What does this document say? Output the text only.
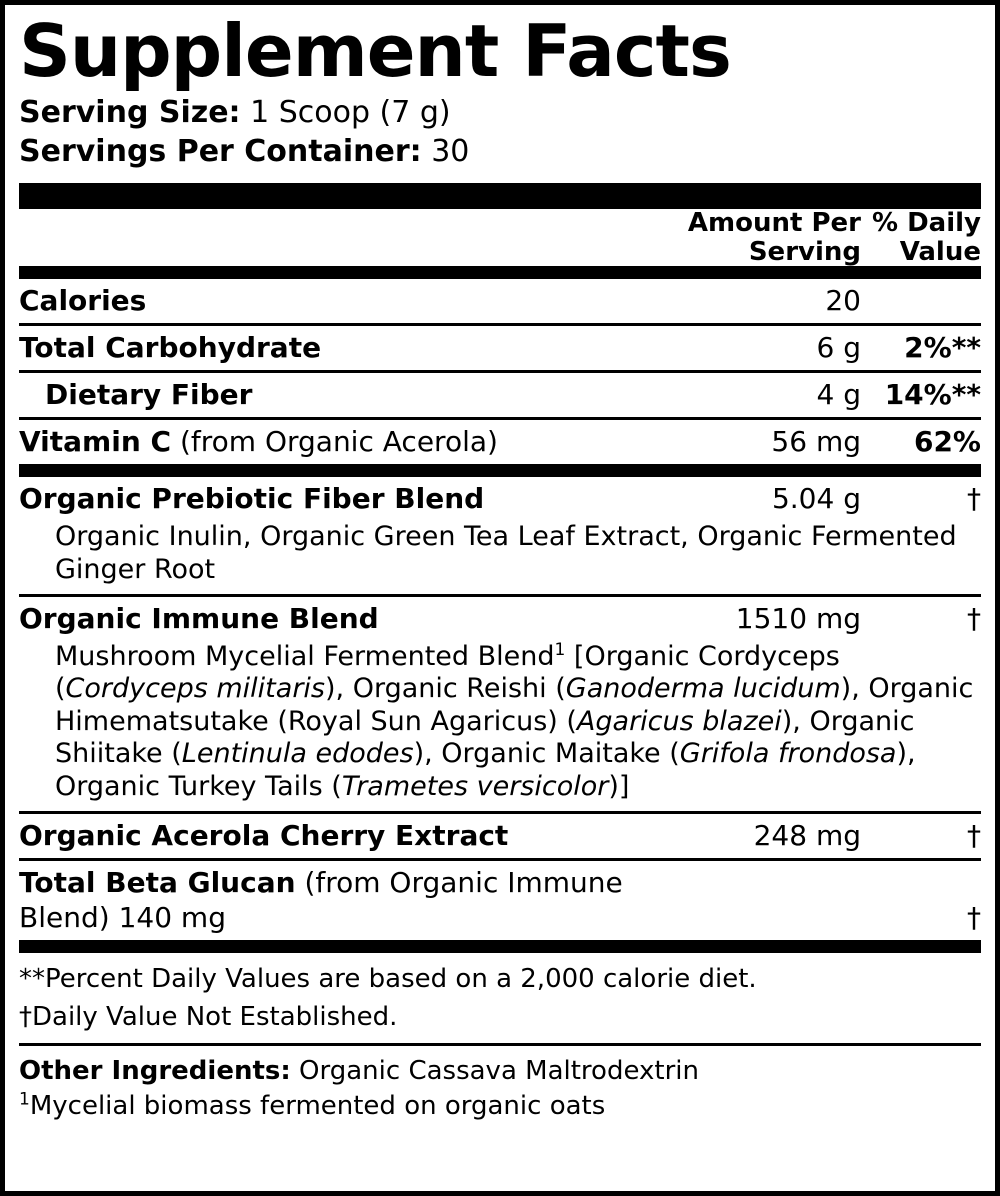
Supplement Facts
Serving Size: 1 Scoop (7 g)
Servings Per Container: 30

Amount Per
Serving

% Daily
Value
Calories	20
Total Carbohydrate	6 g	2%**
Dietary Fiber	4 g 14%**
Vitamin C (from Organic Acerola)	56 mg	62%
Organic Prebiotic Fiber Blend	5.04 g	†
Organic Inulin, Organic Green Tea Leaf Extract, Organic Fermented Ginger Root
Organic Immune Blend	1510 mg	†
Mushroom Mycelial Fermented Blend$^1$ [Organic Cordyceps (Cordyceps militaris), Organic Reishi (Ganoderma lucidum), Organic Himematsutake (Royal Sun Agaricus) (Agaricus blazei), Organic Shiitake (Lentinula edodes), Organic Maitake (Grifola frondosa), Organic Turkey Tails (Trametes versicolor)]
Organic Acerola Cherry Extract	248 mg	†
Total Beta Glucan (from Organic Immune Blend) 140 mg	†
**Percent Daily Values are based on a 2,000 calorie diet.
†Daily Value Not Established.
Other Ingredients: Organic Cassava Maltrodextrin
$^1$Mycelial biomass fermented on organic oats
